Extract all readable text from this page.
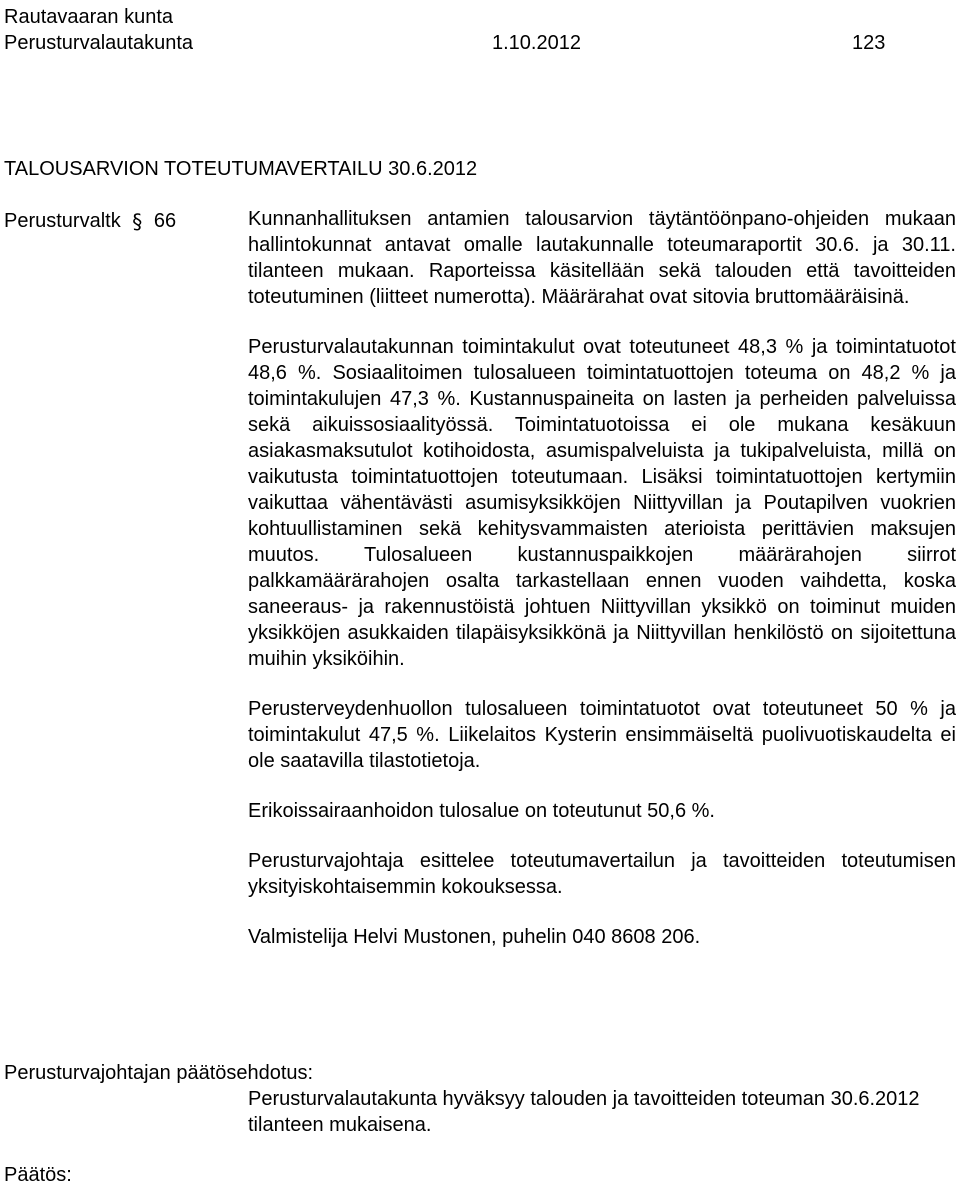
Rautavaaran kunta
Perusturvalautakunta	1.10.2012	123
TALOUSARVION TOTEUTUMAVERTAILU 30.6.2012
Perusturvaltk § 66	Kunnanhallituksen antamien talousarvion täytäntöönpano-ohjeiden mukaan hallintokunnat antavat omalle lautakunnalle toteumaraportit 30.6. ja 30.11. tilanteen mukaan. Raporteissa käsitellään sekä talouden että tavoitteiden toteutuminen (liitteet numerotta). Määrärahat ovat sitovia bruttomääräisinä.

Perusturvalautakunnan toimintakulut ovat toteutuneet 48,3 % ja toimintatuotot 48,6 %. Sosiaalitoimen tulosalueen toimintatuottojen toteuma on 48,2 % ja toimintakulujen 47,3 %. Kustannuspaineita on lasten ja perheiden palveluissa sekä aikuissosiaalityössä. Toimintatuotoissa ei ole mukana kesäkuun asiakasmaksutulot kotihoidosta, asumispalveluista ja tukipalveluista, millä on vaikutusta toimintatuottojen toteutumaan. Lisäksi toimintatuottojen kertymiin vaikuttaa vähentävästi asumisyksikköjen Niittyvillan ja Poutapilven vuokrien kohtuullistaminen sekä kehitysvammaisten aterioista perittävien maksujen muutos. Tulosalueen kustannuspaikkojen määrärahojen siirrot palkkamäärärahojen osalta tarkastellaan ennen vuoden vaihdetta, koska saneeraus- ja rakennustöistä johtuen Niittyvillan yksikkö on toiminut muiden yksikköjen asukkaiden tilapäisyksikkönä ja Niittyvillan henkilöstö on sijoitettuna muihin yksiköihin.

Perusterveydenhuollon tulosalueen toimintatuotot ovat toteutuneet 50 % ja toimintakulut 47,5 %. Liikelaitos Kysterin ensimmäiseltä puolivuotiskaudelta ei ole saatavilla tilastotietoja.

Erikoissairaanhoidon tulosalue on toteutunut 50,6 %.

Perusturvajohtaja esittelee toteutumavertailun ja tavoitteiden toteutumisen yksityiskohtaisemmin kokouksessa.

Valmistelija Helvi Mustonen, puhelin 040 8608 206.

Perusturvajohtajan päätösehdotus:

Perusturvalautakunta hyväksyy talouden ja tavoitteiden toteuman 30.6.2012 tilanteen mukaisena.

Päätös:
